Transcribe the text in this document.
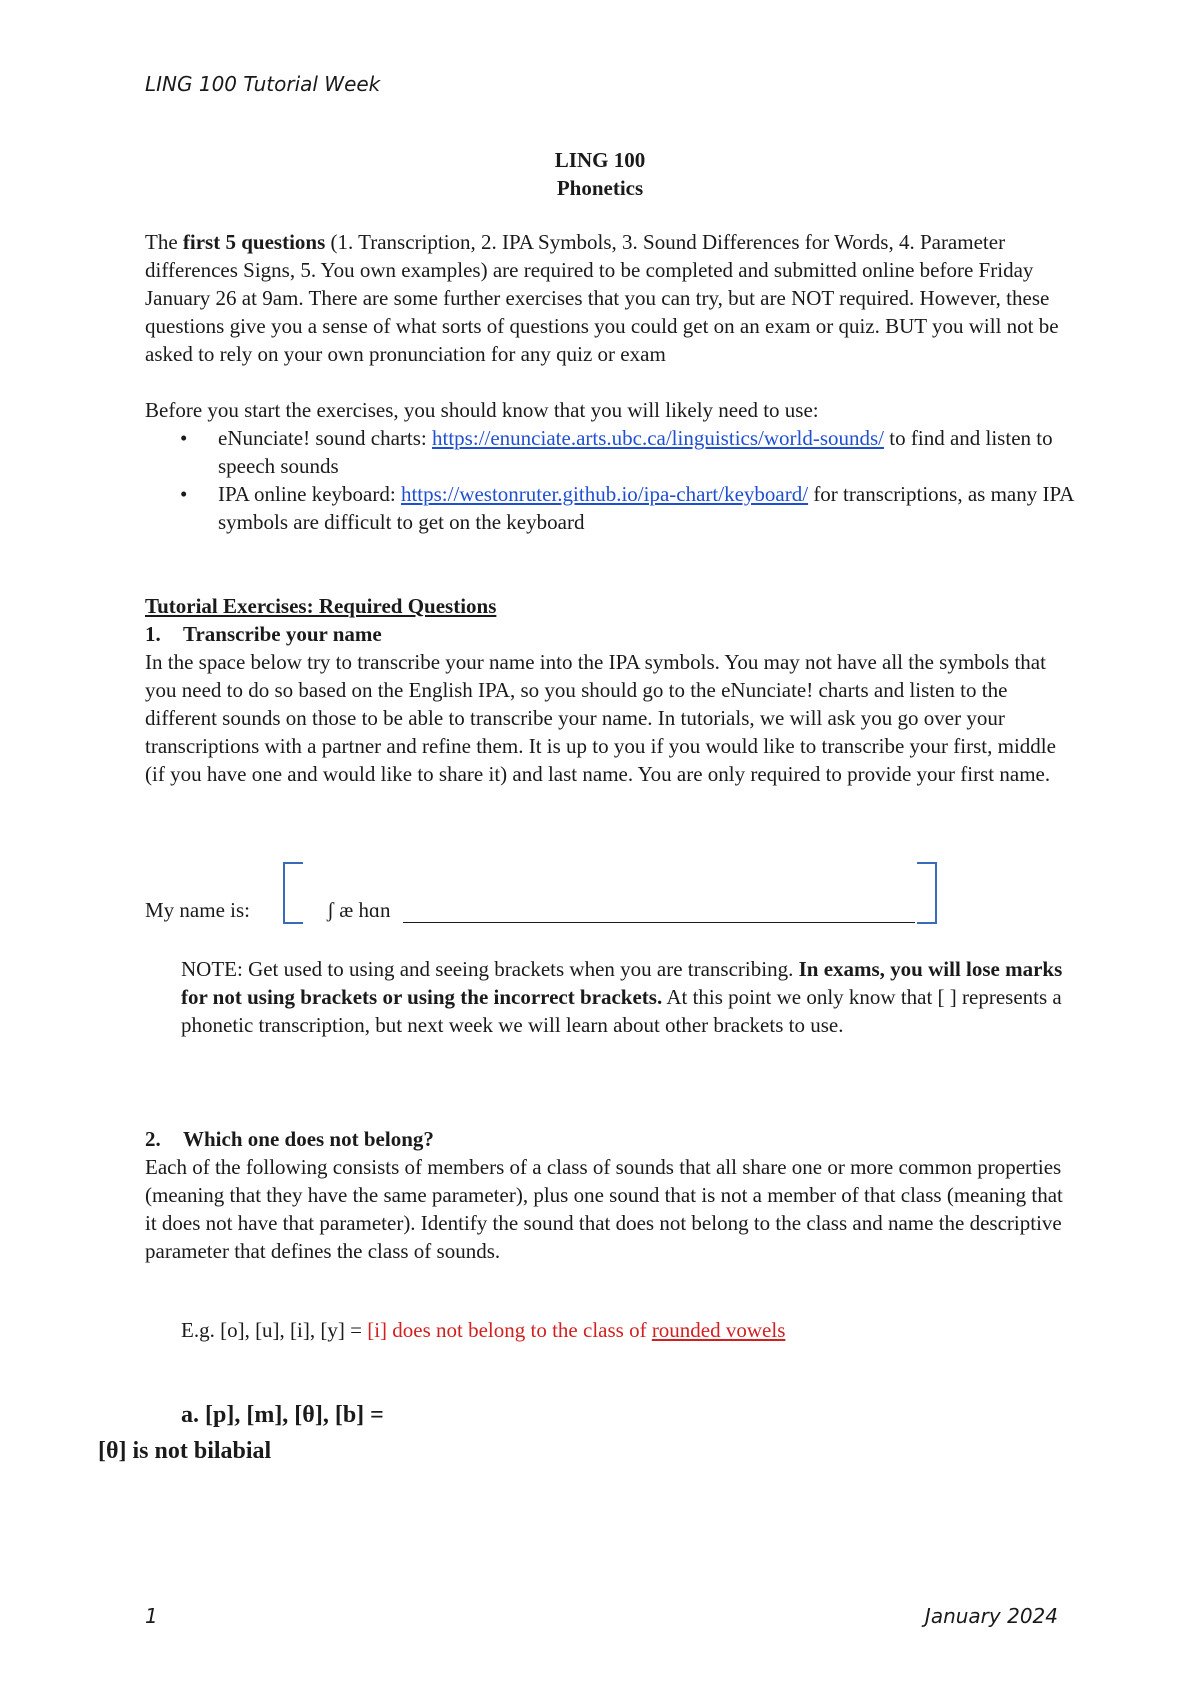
LING 100 Tutorial Week
LING 100
Phonetics

The first 5 questions (1. Transcription, 2. IPA Symbols, 3. Sound Differences for Words, 4. Parameter differences Signs, 5. You own examples) are required to be completed and submitted online before Friday January 26 at 9am. There are some further exercises that you can try, but are NOT required. However, these questions give you a sense of what sorts of questions you could get on an exam or quiz. BUT you will not be asked to rely on your own pronunciation for any quiz or exam

Before you start the exercises, you should know that you will likely need to use:

• eNunciate! sound charts: https://enunciate.arts.ubc.ca/linguistics/world-sounds/ to find and listen to speech sounds
• IPA online keyboard: https://westonruter.github.io/ipa-chart/keyboard/ for transcriptions, as many IPA symbols are difficult to get on the keyboard
Tutorial Exercises: Required Questions
1. Transcribe your name

In the space below try to transcribe your name into the IPA symbols. You may not have all the symbols that you need to do so based on the English IPA, so you should go to the eNunciate! charts and listen to the different sounds on those to be able to transcribe your name. In tutorials, we will ask you go over your transcriptions with a partner and refine them. It is up to you if you would like to transcribe your first, middle (if you have one and would like to share it) and last name. You are only required to provide your first name.

My name is:	ʃ æ hɑn
NOTE: Get used to using and seeing brackets when you are transcribing. In exams, you will lose marks for not using brackets or using the incorrect brackets. At this point we only know that [ ] represents a phonetic transcription, but next week we will learn about other brackets to use.
2. Which one does not belong?

Each of the following consists of members of a class of sounds that all share one or more common properties (meaning that they have the same parameter), plus one sound that is not a member of that class (meaning that it does not have that parameter). Identify the sound that does not belong to the class and name the descriptive parameter that defines the class of sounds.

E.g. [o], [u], [i], [y] = [i] does not belong to the class of rounded vowels
a. [p], [m], [θ], [b] =
[θ] is not bilabial
1	January 2024
